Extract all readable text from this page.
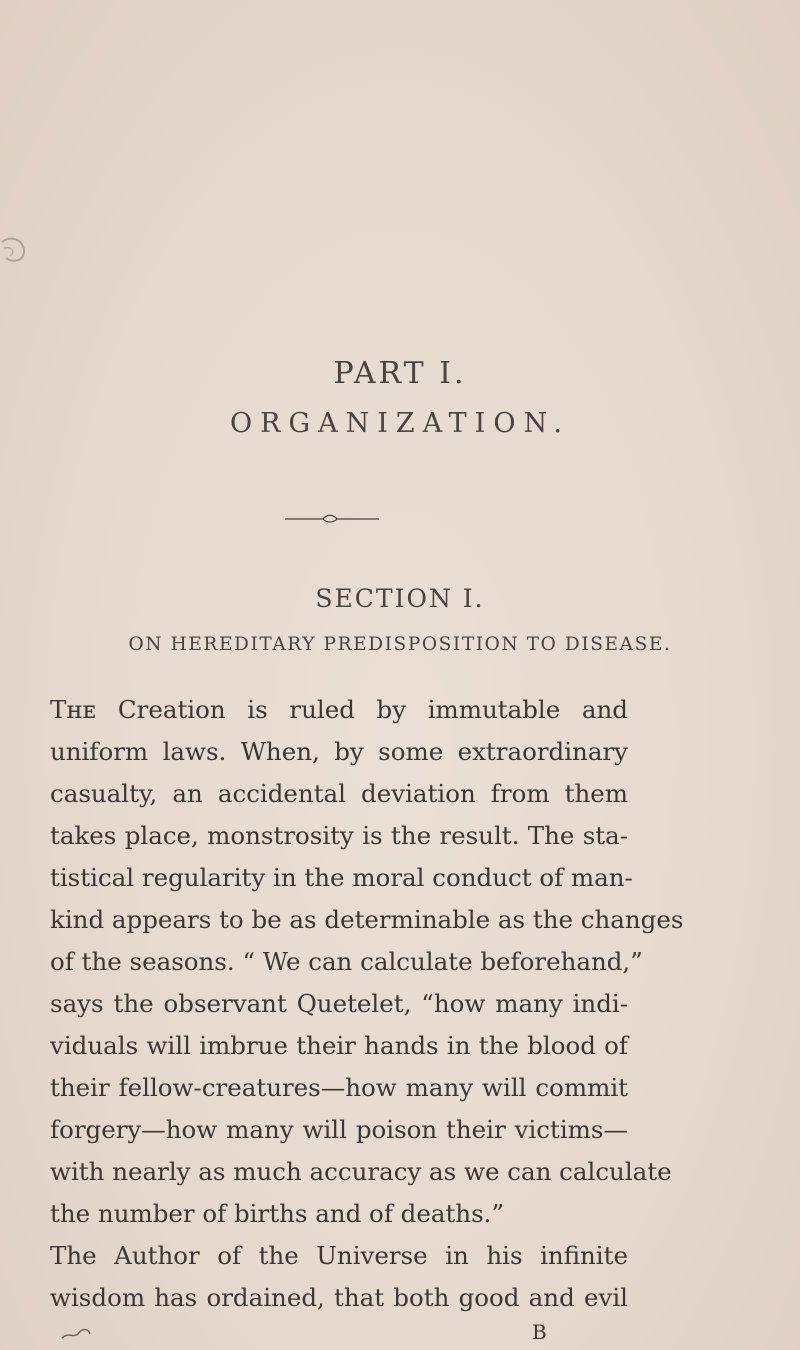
PART I.
ORGANIZATION.
SECTION I.
ON HEREDITARY PREDISPOSITION TO DISEASE.
Tʜᴇ Creation is ruled by immutable and
uniform laws. When, by some extraordinary
casualty, an accidental deviation from them
takes place, monstrosity is the result. The sta-
tistical regularity in the moral conduct of man-
kind appears to be as determinable as the changes
of the seasons. “ We can calculate beforehand,”
says the observant Quetelet, “how many indi-
viduals will imbrue their hands in the blood of
their fellow-creatures—how many will commit
forgery—how many will poison their victims—
with nearly as much accuracy as we can calculate
the number of births and of deaths.”
The Author of the Universe in his infinite
wisdom has ordained, that both good and evil
B
